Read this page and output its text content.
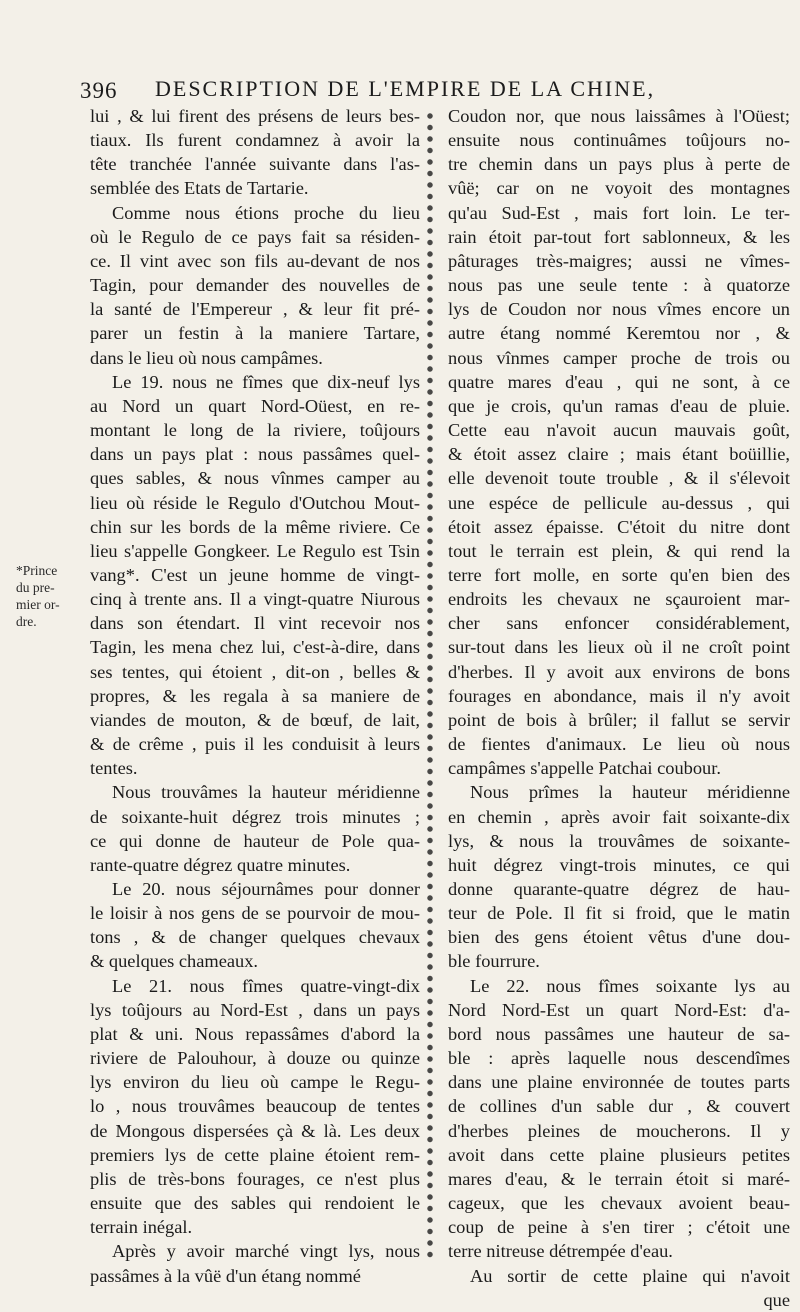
396 DESCRIPTION DE L'EMPIRE DE LA CHINE,
*Prince
du pre-
mier or-
dre.
lui , & lui firent des présens de leurs bes-
tiaux. Ils furent condamnez à avoir la
tête tranchée l'année suivante dans l'as-
semblée des Etats de Tartarie.
Comme nous étions proche du lieu
où le Regulo de ce pays fait sa résiden-
ce. Il vint avec son fils au-devant de nos
Tagin, pour demander des nouvelles de
la santé de l'Empereur , & leur fit pré-
parer un festin à la maniere Tartare,
dans le lieu où nous campâmes.
Le 19. nous ne fîmes que dix-neuf lys
au Nord un quart Nord-Oüest, en re-
montant le long de la riviere, toûjours
dans un pays plat : nous passâmes quel-
ques sables, & nous vînmes camper au
lieu où réside le Regulo d'Outchou Mout-
chin sur les bords de la même riviere. Ce
lieu s'appelle Gongkeer. Le Regulo est Tsin
vang*. C'est un jeune homme de vingt-
cinq à trente ans. Il a vingt-quatre Niurous
dans son étendart. Il vint recevoir nos
Tagin, les mena chez lui, c'est-à-dire, dans
ses tentes, qui étoient , dit-on , belles &
propres, & les regala à sa maniere de
viandes de mouton, & de bœuf, de lait,
& de crême , puis il les conduisit à leurs
tentes.
Nous trouvâmes la hauteur méridienne
de soixante-huit dégrez trois minutes ;
ce qui donne de hauteur de Pole qua-
rante-quatre dégrez quatre minutes.
Le 20. nous séjournâmes pour donner
le loisir à nos gens de se pourvoir de mou-
tons , & de changer quelques chevaux
& quelques chameaux.
Le 21. nous fîmes quatre-vingt-dix
lys toûjours au Nord-Est , dans un pays
plat & uni. Nous repassâmes d'abord la
riviere de Palouhour, à douze ou quinze
lys environ du lieu où campe le Regu-
lo , nous trouvâmes beaucoup de tentes
de Mongous dispersées çà & là. Les deux
premiers lys de cette plaine étoient rem-
plis de très-bons fourages, ce n'est plus
ensuite que des sables qui rendoient le
terrain inégal.
Après y avoir marché vingt lys, nous
passâmes à la vûë d'un étang nommé
Coudon nor, que nous laissâmes à l'Oüest;
ensuite nous continuâmes toûjours no-
tre chemin dans un pays plus à perte de
vûë; car on ne voyoit des montagnes
qu'au Sud-Est , mais fort loin. Le ter-
rain étoit par-tout fort sablonneux, & les
pâturages très-maigres; aussi ne vîmes-
nous pas une seule tente : à quatorze
lys de Coudon nor nous vîmes encore un
autre étang nommé Keremtou nor , &
nous vînmes camper proche de trois ou
quatre mares d'eau , qui ne sont, à ce
que je crois, qu'un ramas d'eau de pluie.
Cette eau n'avoit aucun mauvais goût,
& étoit assez claire ; mais étant boüillie,
elle devenoit toute trouble , & il s'élevoit
une espéce de pellicule au-dessus , qui
étoit assez épaisse. C'étoit du nitre dont
tout le terrain est plein, & qui rend la
terre fort molle, en sorte qu'en bien des
endroits les chevaux ne sçauroient mar-
cher sans enfoncer considérablement,
sur-tout dans les lieux où il ne croît point
d'herbes. Il y avoit aux environs de bons
fourages en abondance, mais il n'y avoit
point de bois à brûler; il fallut se servir
de fientes d'animaux. Le lieu où nous
campâmes s'appelle Patchai coubour.
Nous prîmes la hauteur méridienne
en chemin , après avoir fait soixante-dix
lys, & nous la trouvâmes de soixante-
huit dégrez vingt-trois minutes, ce qui
donne quarante-quatre dégrez de hau-
teur de Pole. Il fit si froid, que le matin
bien des gens étoient vêtus d'une dou-
ble fourrure.
Le 22. nous fîmes soixante lys au
Nord Nord-Est un quart Nord-Est: d'a-
bord nous passâmes une hauteur de sa-
ble : après laquelle nous descendîmes
dans une plaine environnée de toutes parts
de collines d'un sable dur , & couvert
d'herbes pleines de moucherons. Il y
avoit dans cette plaine plusieurs petites
mares d'eau, & le terrain étoit si maré-
cageux, que les chevaux avoient beau-
coup de peine à s'en tirer ; c'étoit une
terre nitreuse détrempée d'eau.
Au sortir de cette plaine qui n'avoit
que
